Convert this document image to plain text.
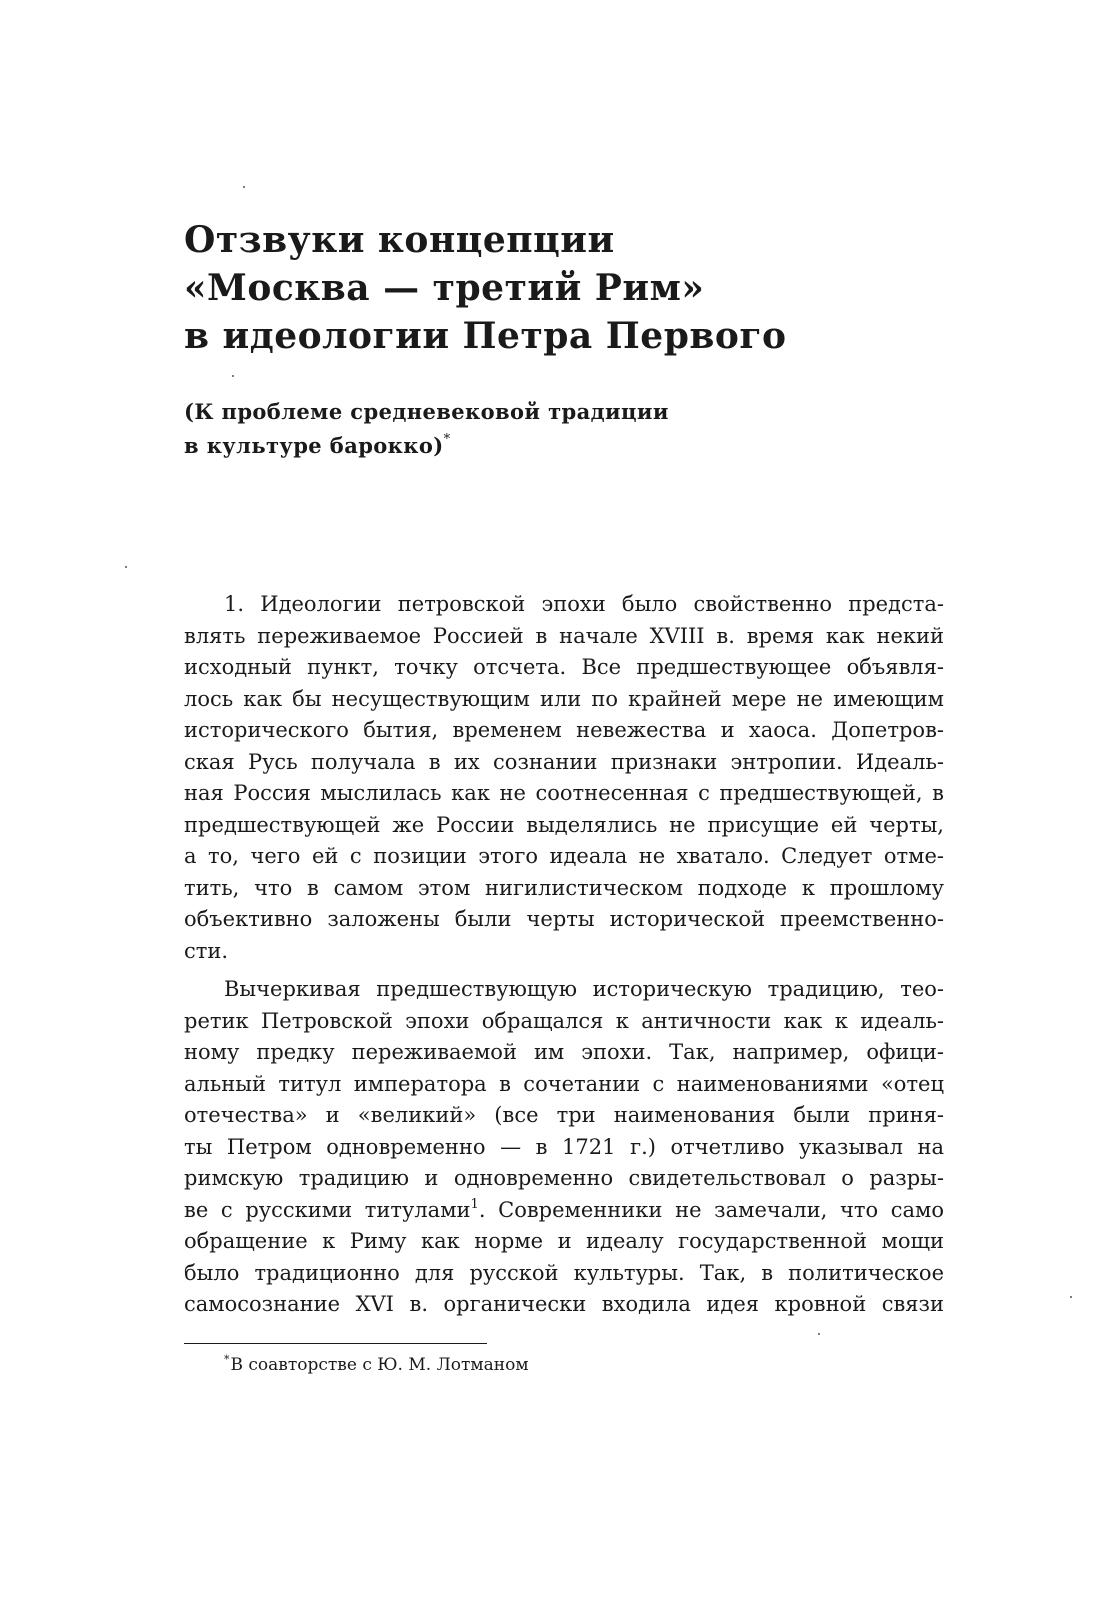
Отзвуки концепции
«Москва — третий Рим»
в идеологии Петра Первого
(К проблеме средневековой традиции
в культуре барокко)*
1. Идеологии петровской эпохи было свойственно предста-
влять переживаемое Россией в начале XVIII в. время как некий
исходный пункт, точку отсчета. Все предшествующее объявля-
лось как бы несуществующим или по крайней мере не имеющим
исторического бытия, временем невежества и хаоса. Допетров-
ская Русь получала в их сознании признаки энтропии. Идеаль-
ная Россия мыслилась как не соотнесенная с предшествующей, в
предшествующей же России выделялись не присущие ей черты,
а то, чего ей с позиции этого идеала не хватало. Следует отме-
тить, что в самом этом нигилистическом подходе к прошлому
объективно заложены были черты исторической преемственно-
сти.
Вычеркивая предшествующую историческую традицию, тео-
ретик Петровской эпохи обращался к античности как к идеаль-
ному предку переживаемой им эпохи. Так, например, офици-
альный титул императора в сочетании с наименованиями «отец
отечества» и «великий» (все три наименования были приня-
ты Петром одновременно — в 1721 г.) отчетливо указывал на
римскую традицию и одновременно свидетельствовал о разры-
ве с русскими титулами$^1$. Современники не замечали, что само
обращение к Риму как норме и идеалу государственной мощи
было традиционно для русской культуры. Так, в политическое
самосознание XVI в. органически входила идея кровной связи
*В соавторстве с Ю. М. Лотманом
